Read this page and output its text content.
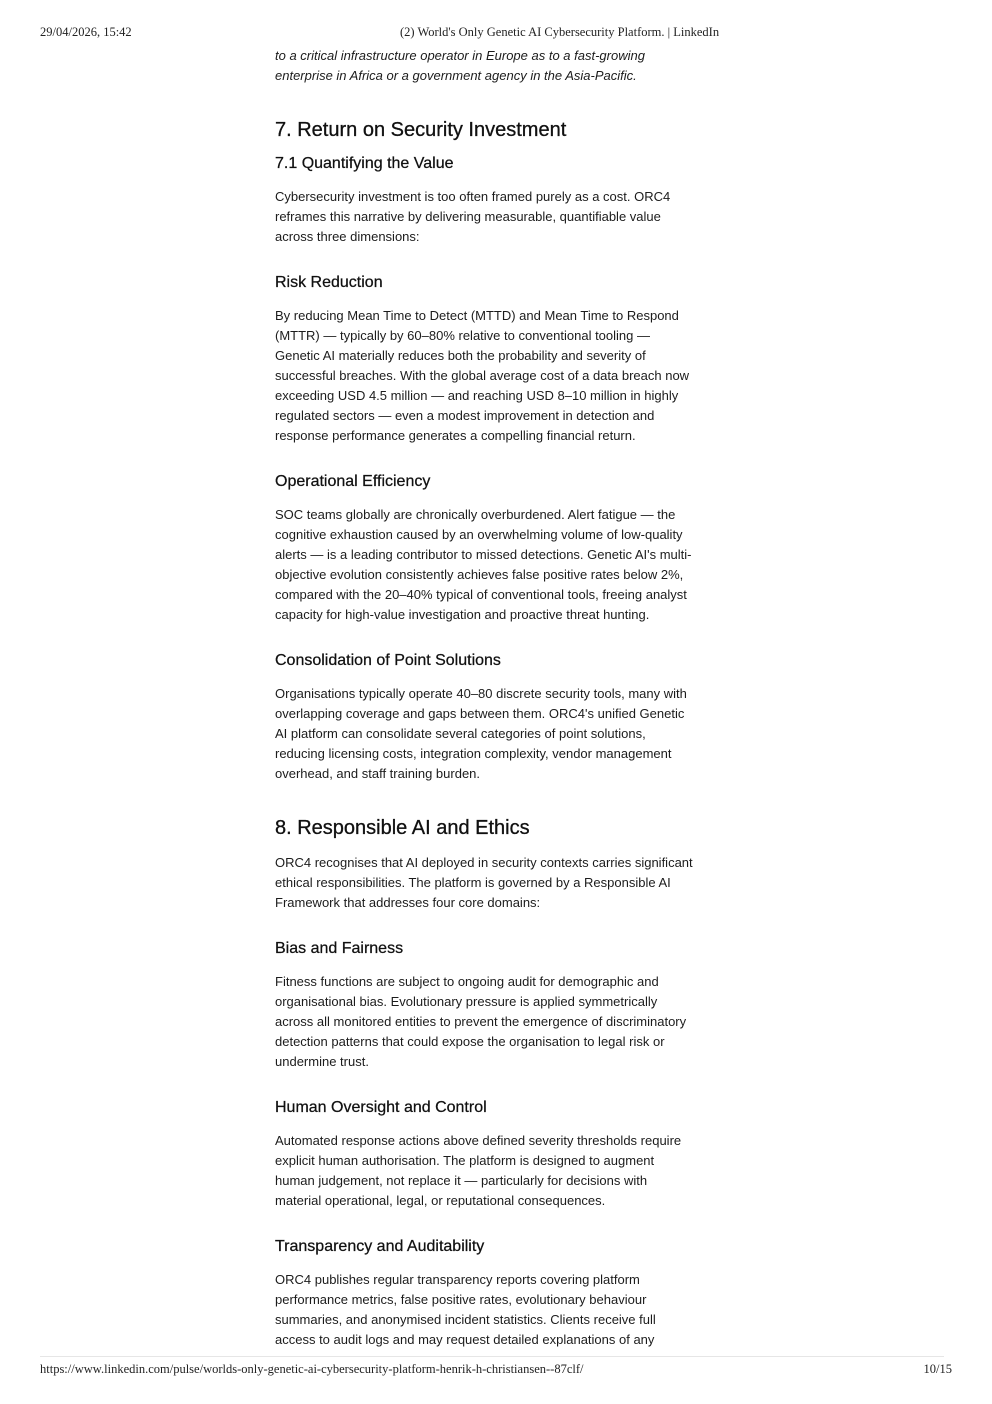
29/04/2026, 15:42	(2) World's Only Genetic AI Cybersecurity Platform. | LinkedIn

to a critical infrastructure operator in Europe as to a fast-growing
enterprise in Africa or a government agency in the Asia-Pacific.

7. Return on Security Investment
7.1 Quantifying the Value

Cybersecurity investment is too often framed purely as a cost. ORC4
reframes this narrative by delivering measurable, quantifiable value
across three dimensions:

Risk Reduction

By reducing Mean Time to Detect (MTTD) and Mean Time to Respond
(MTTR) — typically by 60–80% relative to conventional tooling —
Genetic AI materially reduces both the probability and severity of
successful breaches. With the global average cost of a data breach now
exceeding USD 4.5 million — and reaching USD 8–10 million in highly
regulated sectors — even a modest improvement in detection and
response performance generates a compelling financial return.

Operational Efficiency

SOC teams globally are chronically overburdened. Alert fatigue — the
cognitive exhaustion caused by an overwhelming volume of low-quality
alerts — is a leading contributor to missed detections. Genetic AI's multi-
objective evolution consistently achieves false positive rates below 2%,
compared with the 20–40% typical of conventional tools, freeing analyst
capacity for high-value investigation and proactive threat hunting.

Consolidation of Point Solutions

Organisations typically operate 40–80 discrete security tools, many with
overlapping coverage and gaps between them. ORC4's unified Genetic
AI platform can consolidate several categories of point solutions,
reducing licensing costs, integration complexity, vendor management
overhead, and staff training burden.

8. Responsible AI and Ethics

ORC4 recognises that AI deployed in security contexts carries significant
ethical responsibilities. The platform is governed by a Responsible AI
Framework that addresses four core domains:

Bias and Fairness

Fitness functions are subject to ongoing audit for demographic and
organisational bias. Evolutionary pressure is applied symmetrically
across all monitored entities to prevent the emergence of discriminatory
detection patterns that could expose the organisation to legal risk or
undermine trust.

Human Oversight and Control

Automated response actions above defined severity thresholds require
explicit human authorisation. The platform is designed to augment
human judgement, not replace it — particularly for decisions with
material operational, legal, or reputational consequences.

Transparency and Auditability

ORC4 publishes regular transparency reports covering platform
performance metrics, false positive rates, evolutionary behaviour
summaries, and anonymised incident statistics. Clients receive full
access to audit logs and may request detailed explanations of any

https://www.linkedin.com/pulse/worlds-only-genetic-ai-cybersecurity-platform-henrik-h-christiansen--87clf/	10/15
